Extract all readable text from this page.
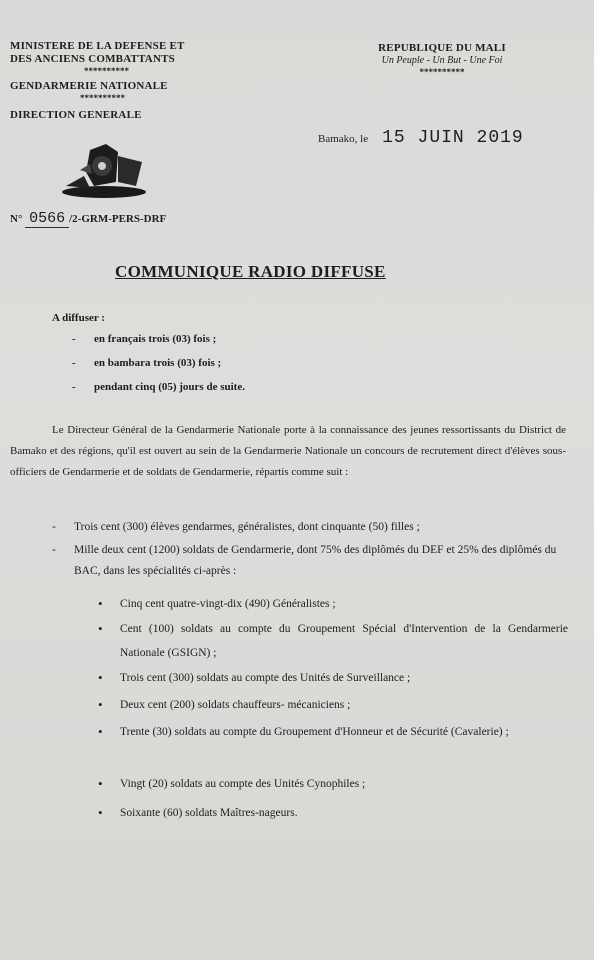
MINISTERE DE LA DEFENSE ET
DES ANCIENS COMBATTANTS
**********
GENDARMERIE NATIONALE
**********
DIRECTION GENERALE
REPUBLIQUE DU MALI
Un Peuple - Un But - Une Foi
**********
Bamako, le 15 JUIN 2019
N° 0566 /2-GRM-PERS-DRF
COMMUNIQUE RADIO DIFFUSE
A diffuser :
-	en français trois (03) fois ;
-	en bambara trois (03) fois ;
-	pendant cinq (05) jours de suite.
Le Directeur Général de la Gendarmerie Nationale porte à la connaissance des jeunes ressortissants du District de Bamako et des régions, qu'il est ouvert au sein de la Gendarmerie Nationale un concours de recrutement direct d'élèves sous-officiers de Gendarmerie et de soldats de Gendarmerie, répartis comme suit :
-	Trois cent (300) élèves gendarmes, généralistes, dont cinquante (50) filles ;
-	Mille deux cent (1200) soldats de Gendarmerie, dont 75% des diplômés du DEF et 25% des diplômés du BAC, dans les spécialités ci-après :
•	Cinq cent quatre-vingt-dix (490) Généralistes ;
•	Cent (100) soldats au compte du Groupement Spécial d'Intervention de la Gendarmerie Nationale (GSIGN) ;
•	Trois cent (300) soldats au compte des Unités de Surveillance ;
•	Deux cent (200) soldats chauffeurs- mécaniciens ;
•	Trente (30) soldats au compte du Groupement d'Honneur et de Sécurité (Cavalerie) ;
•	Vingt (20) soldats au compte des Unités Cynophiles ;
•	Soixante (60) soldats Maîtres-nageurs.
